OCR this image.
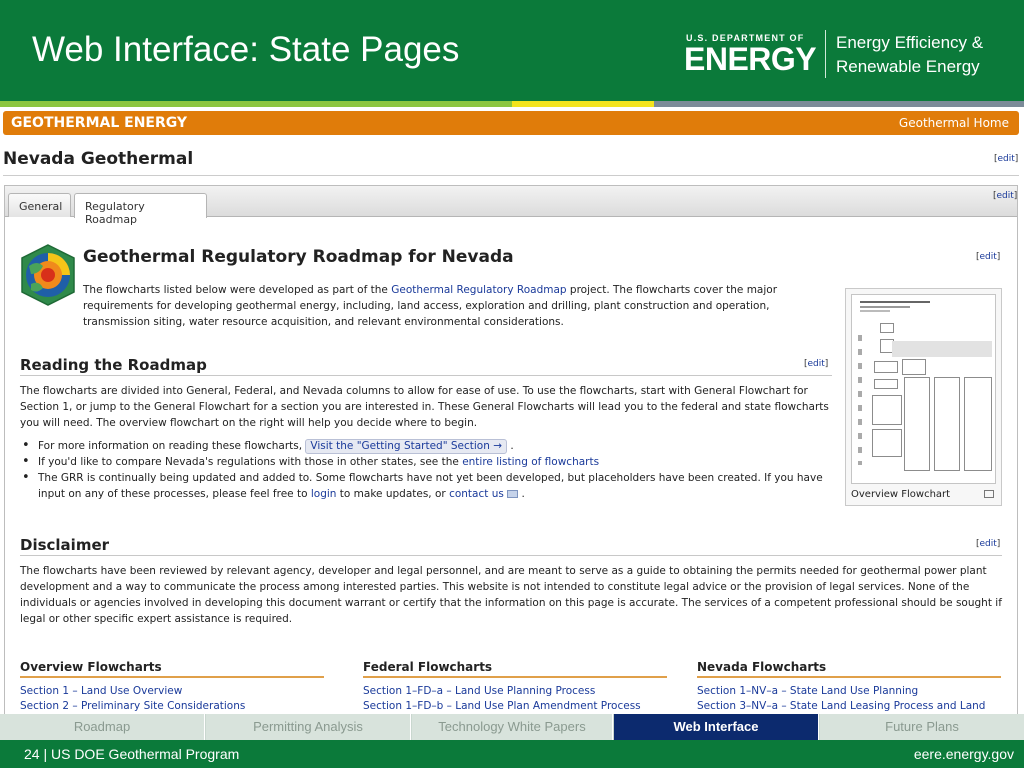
Web Interface: State Pages	U.S. DEPARTMENT OF
ENERGY Energy Efficiency &
Renewable Energy
GEOTHERMAL ENERGY	Geothermal Home
Nevada Geothermal	[edit]
General	Regulatory Roadmap
[edit]
Geothermal Regulatory Roadmap for Nevada	[edit]
The flowcharts listed below were developed as part of the Geothermal Regulatory Roadmap project. The flowcharts cover the major requirements for developing geothermal energy, including, land access, exploration and drilling, plant construction and operation, transmission siting, water resource acquisition, and relevant environmental considerations.
Reading the Roadmap	[edit]
The flowcharts are divided into General, Federal, and Nevada columns to allow for ease of use. To use the flowcharts, start with General Flowchart for Section 1, or jump to the General Flowchart for a section you are interested in. These General Flowcharts will lead you to the federal and state flowcharts you will need. The overview flowchart on the right will help you decide where to begin.
• For more information on reading these flowcharts, Visit the "Getting Started" Section → .
• If you'd like to compare Nevada's regulations with those in other states, see the entire listing of flowcharts
• The GRR is continually being updated and added to. Some flowcharts have not yet been developed, but placeholders have been created. If you have input on any of these processes, please feel free to login to make updates, or contact us  .	Overview Flowchart
Disclaimer	[edit]
The flowcharts have been reviewed by relevant agency, developer and legal personnel, and are meant to serve as a guide to obtaining the permits needed for geothermal power plant development and a way to communicate the process among interested parties. This website is not intended to constitute legal advice or the provision of legal services. None of the individuals or agencies involved in developing this document warrant or certify that the information on this page is accurate. The services of a competent professional should be sought if legal or other specific expert assistance is required.
Overview Flowcharts
Section 1 – Land Use Overview
Section 2 – Preliminary Site Considerations
Federal Flowcharts
Section 1–FD–a – Land Use Planning Process
Section 1–FD–b – Land Use Plan Amendment Process
Nevada Flowcharts
Section 1–NV–a – State Land Use Planning
Section 3–NV–a – State Land Leasing Process and Land
Roadmap	Permitting Analysis	Technology White Papers	Web Interface	Future Plans
24 | US DOE Geothermal Program	eere.energy.gov
